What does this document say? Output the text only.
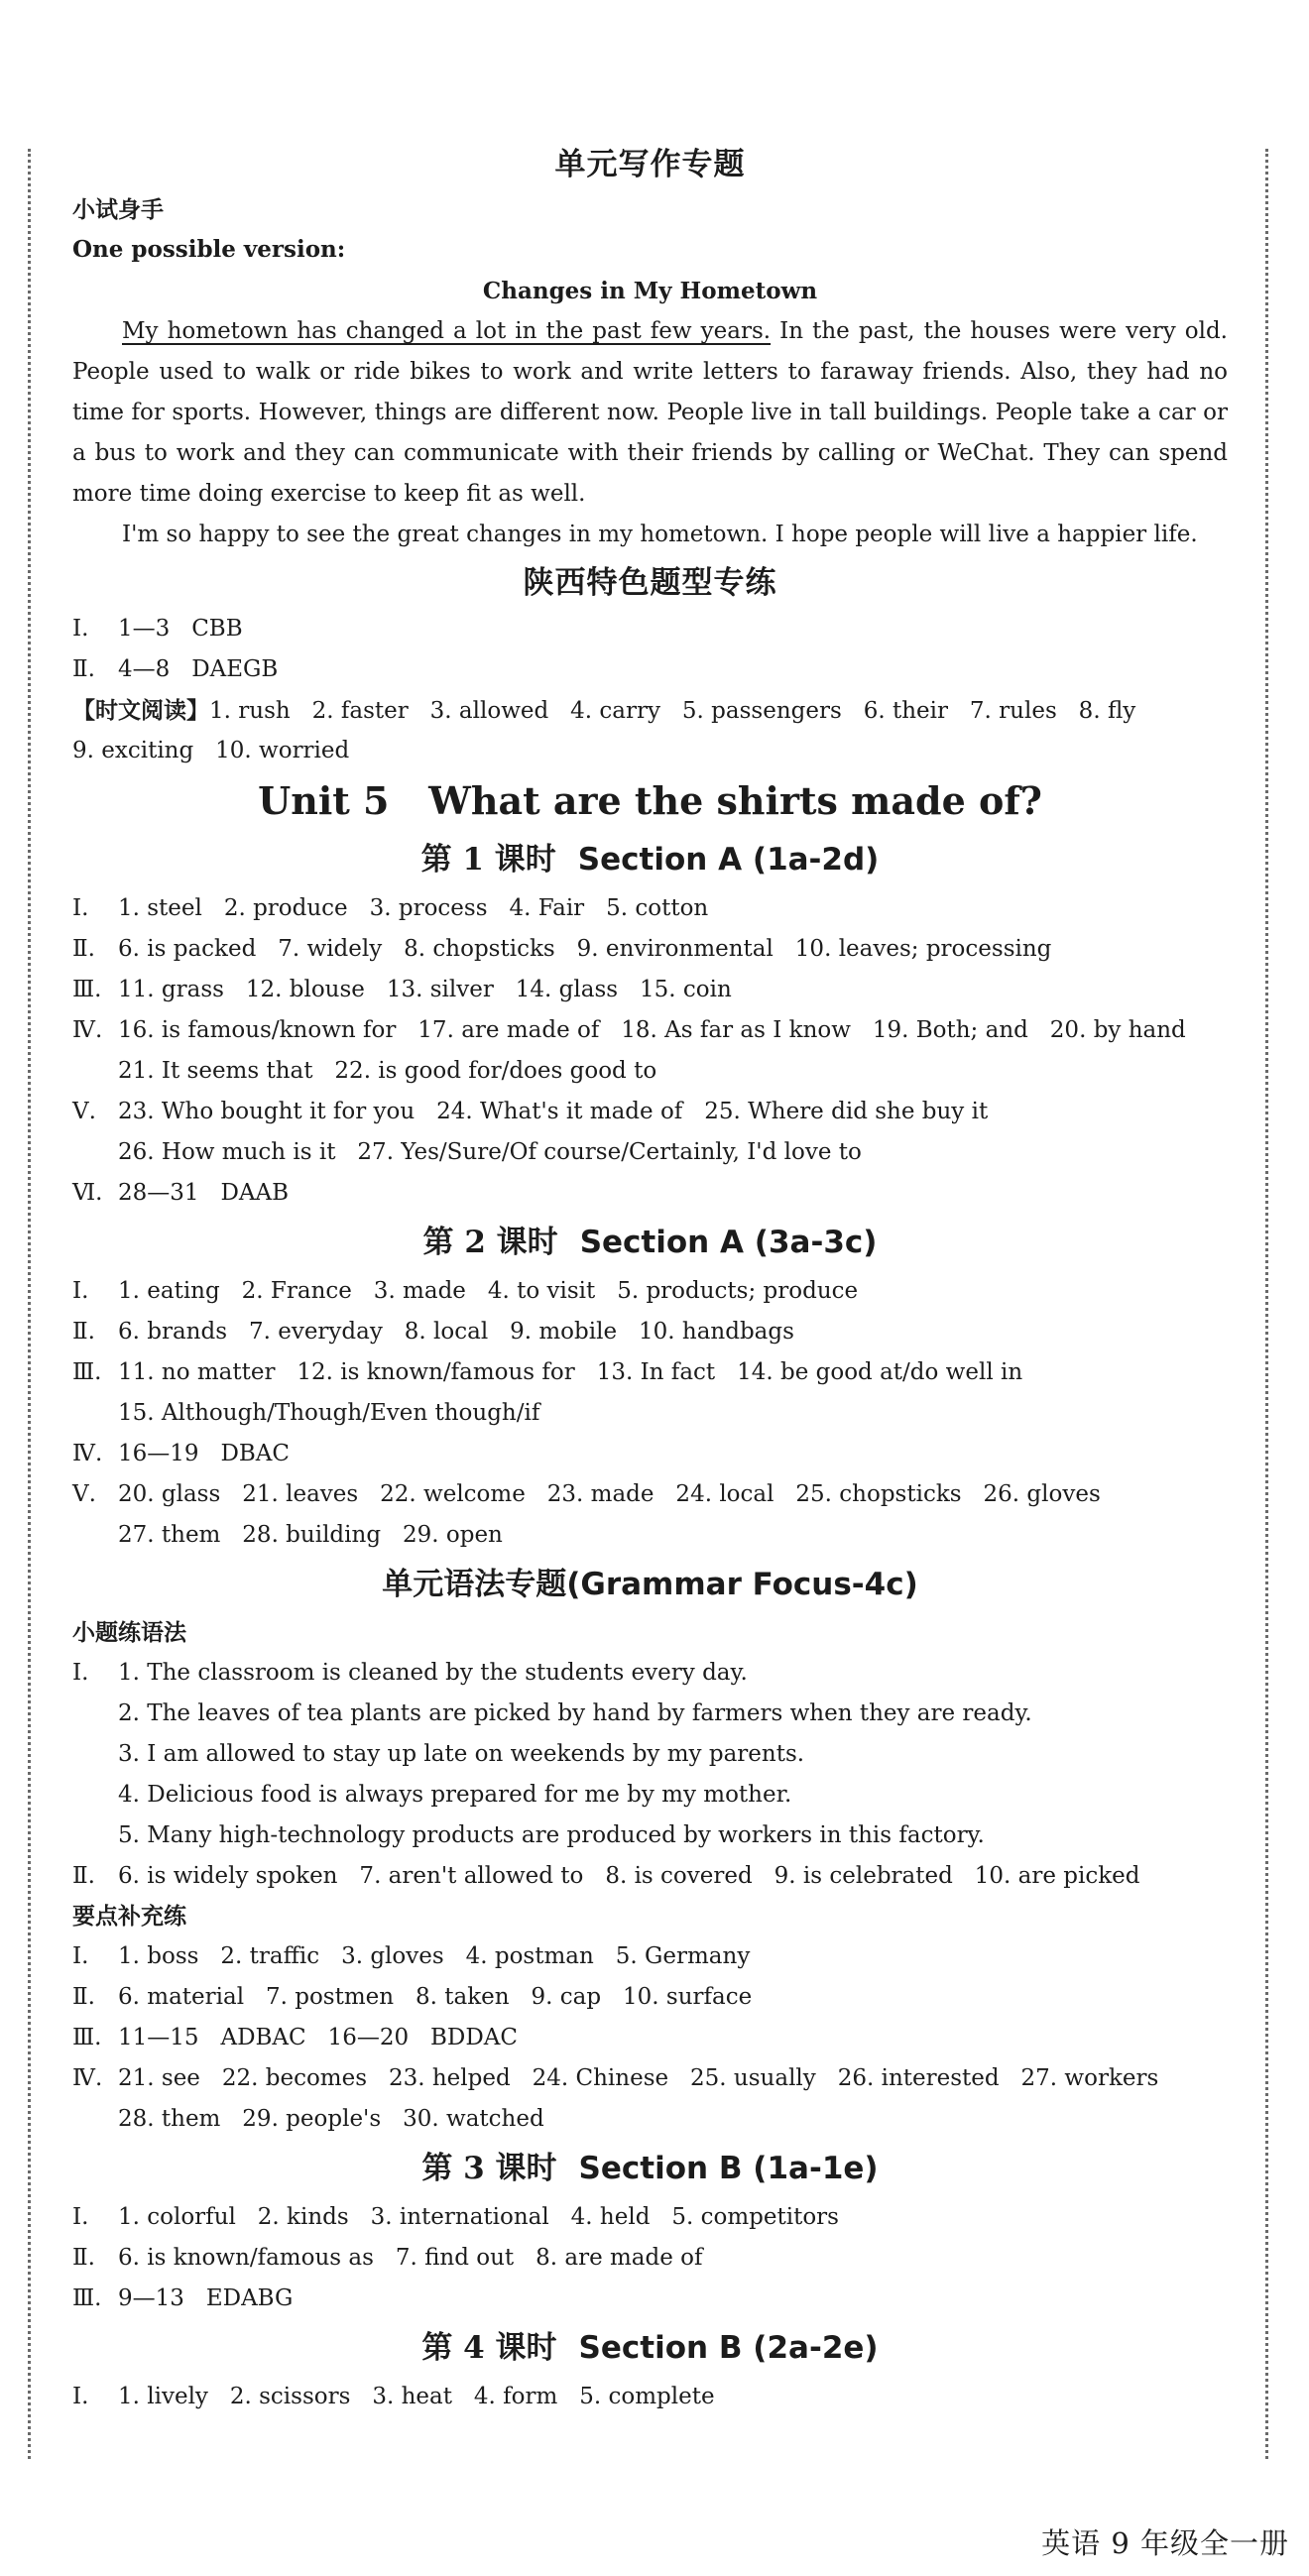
单元写作专题
小试身手
One possible version:
Changes in My Hometown

My hometown has changed a lot in the past few years. In the past, the houses were very old. People used to walk or ride bikes to work and write letters to faraway friends. Also, they had no time for sports. However, things are different now. People live in tall buildings. People take a car or a bus to work and they can communicate with their friends by calling or WeChat. They can spend more time doing exercise to keep fit as well.

I'm so happy to see the great changes in my hometown. I hope people will live a happier life.

陕西特色题型专练
Ⅰ. 1—3   CBB
Ⅱ. 4—8   DAEGB
【时文阅读】1. rush   2. faster   3. allowed   4. carry   5. passengers   6. their   7. rules   8. fly
9. exciting   10. worried
Unit 5   What are the shirts made of?
第 1 课时 Section A (1a-2d)
Ⅰ. 1. steel   2. produce   3. process   4. Fair   5. cotton
Ⅱ. 6. is packed   7. widely   8. chopsticks   9. environmental   10. leaves; processing
Ⅲ. 11. grass   12. blouse   13. silver   14. glass   15. coin
Ⅳ. 16. is famous/known for   17. are made of   18. As far as I know   19. Both; and   20. by hand
21. It seems that   22. is good for/does good to
Ⅴ. 23. Who bought it for you   24. What's it made of   25. Where did she buy it
26. How much is it   27. Yes/Sure/Of course/Certainly, I'd love to
Ⅵ. 28—31   DAAB
第 2 课时 Section A (3a-3c)
Ⅰ. 1. eating   2. France   3. made   4. to visit   5. products; produce
Ⅱ. 6. brands   7. everyday   8. local   9. mobile   10. handbags
Ⅲ. 11. no matter   12. is known/famous for   13. In fact   14. be good at/do well in
15. Although/Though/Even though/if
Ⅳ. 16—19   DBAC
Ⅴ. 20. glass   21. leaves   22. welcome   23. made   24. local   25. chopsticks   26. gloves
27. them   28. building   29. open
单元语法专题(Grammar Focus-4c)
小题练语法
Ⅰ. 1. The classroom is cleaned by the students every day.
2. The leaves of tea plants are picked by hand by farmers when they are ready.
3. I am allowed to stay up late on weekends by my parents.
4. Delicious food is always prepared for me by my mother.
5. Many high-technology products are produced by workers in this factory.
Ⅱ. 6. is widely spoken   7. aren't allowed to   8. is covered   9. is celebrated   10. are picked
要点补充练
Ⅰ. 1. boss   2. traffic   3. gloves   4. postman   5. Germany
Ⅱ. 6. material   7. postmen   8. taken   9. cap   10. surface
Ⅲ. 11—15   ADBAC   16—20   BDDAC
Ⅳ. 21. see   22. becomes   23. helped   24. Chinese   25. usually   26. interested   27. workers
28. them   29. people's   30. watched
第 3 课时 Section B (1a-1e)
Ⅰ. 1. colorful   2. kinds   3. international   4. held   5. competitors
Ⅱ. 6. is known/famous as   7. find out   8. are made of
Ⅲ. 9—13   EDABG
第 4 课时 Section B (2a-2e)
Ⅰ. 1. lively   2. scissors   3. heat   4. form   5. complete
英语 9 年级全一册
